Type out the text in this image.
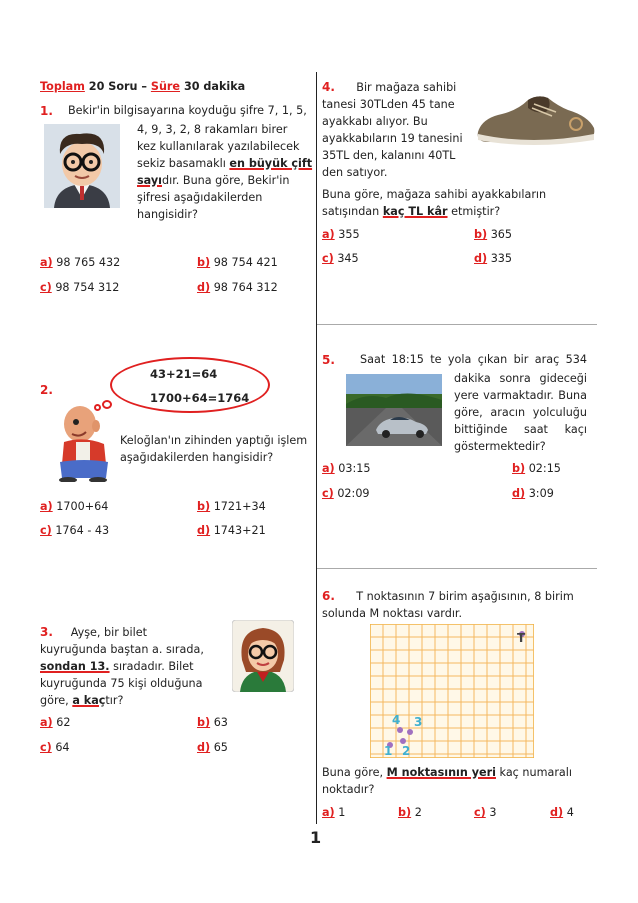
Toplam 20 Soru – Süre 30 dakika
1. Bekir'in bilgisayarına koyduğu şifre 7, 1, 5,
4, 9, 3, 2, 8 rakamları birer
kez kullanılarak yazılabilecek
sekiz basamaklı en büyük çift
sayıdır. Buna göre, Bekir'in
şifresi aşağıdakilerden
hangisidir?
a) 98 765 432	b) 98 754 421
c) 98 754 312	d) 98 764 312
2.
43+21=64
1700+64=1764
Keloğlan'ın zihinden yaptığı işlem
aşağıdakilerden hangisidir?
a) 1700+64	b) 1721+34
c) 1764 - 43	d) 1743+21
3. Ayşe, bir bilet
kuyruğunda baştan a. sırada,
sondan 13. sıradadır. Bilet
kuyruğunda 75 kişi olduğuna
göre, a kaçtır?
a) 62	b) 63
c) 64	d) 65
4. Bir mağaza sahibi
tanesi 30TLden 45 tane
ayakkabı alıyor. Bu
ayakkabıların 19 tanesini
35TL den, kalanını 40TL
den satıyor.
Buna göre, mağaza sahibi ayakkabıların
satışından kaç TL kâr etmiştir?
a) 355	b) 365
c) 345	d) 335
5. Saat 18:15 te yola çıkan bir araç 534
dakika sonra gideceği
yere varmaktadır. Buna
göre, aracın yolculuğu
bittiğinde saat kaçı
göstermektedir?
a) 03:15	b) 02:15
c) 02:09	d) 3:09
6. T noktasının 7 birim aşağısının, 8 birim
solunda M noktası vardır.
T
1 2
3
4
Buna göre, M noktasının yeri kaç numaralı
noktadır?
a) 1	b) 2	c) 3	d) 4
1
